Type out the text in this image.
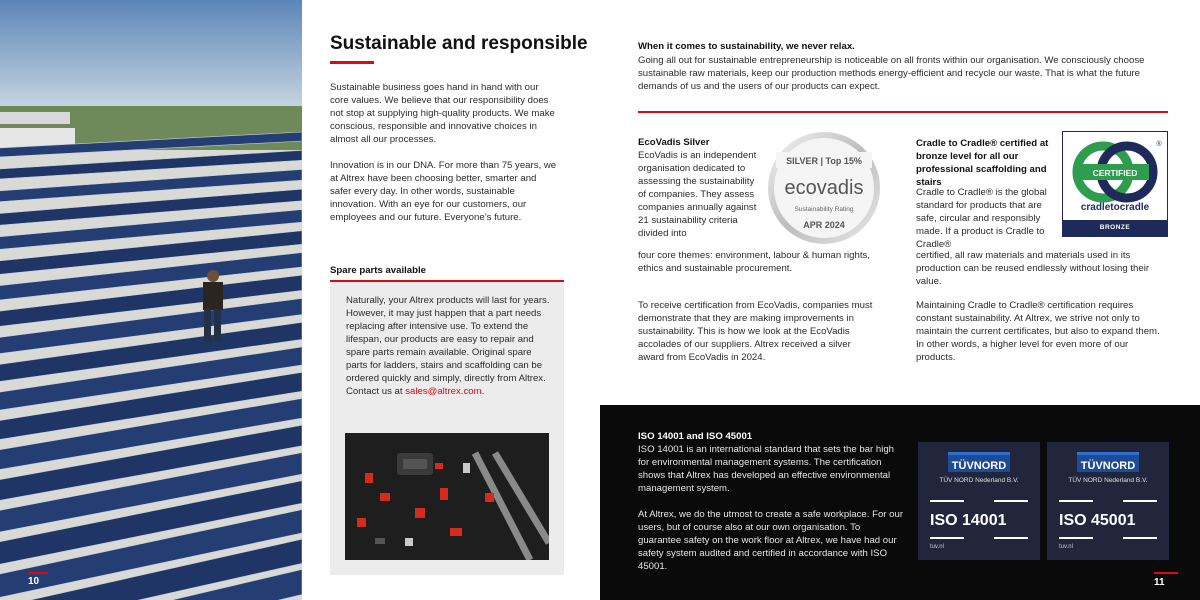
10
Sustainable and responsible

Sustainable business goes hand in hand with our core values. We believe that our responsibility does not stop at supplying high-quality products. We make conscious, responsible and innovative choices in almost all our processes.

Innovation is in our DNA. For more than 75 years, we at Altrex have been choosing better, smarter and safer every day. In other words, sustainable innovation. With an eye for our customers, our employees and our future. Everyone’s future.

Spare parts available

Naturally, your Altrex products will last for years. However, it may just happen that a part needs replacing after intensive use. To extend the lifespan, our products are easy to repair and spare parts remain available. Original spare parts for ladders, stairs and scaffolding can be ordered quickly and simply, directly from Altrex. Contact us at sales@altrex.com.

When it comes to sustainability, we never relax.

Going all out for sustainable entrepreneurship is noticeable on all fronts within our organisation. We consciously choose sustainable raw materials, keep our production methods energy-efficient and recycle our waste. That is what the future demands of us and the users of our products can expect.

EcoVadis Silver

EcoVadis is an independent organisation dedicated to assessing the sustainability of companies. They assess companies annually against 21 sustainability criteria divided into

four core themes: environment, labour & human rights, ethics and sustainable procurement.

To receive certification from EcoVadis, companies must demonstrate that they are making improvements in sustainability. This is how we look at the EcoVadis accolades of our suppliers. Altrex received a silver award from EcoVadis in 2024.

SILVER | Top 15%
ecovadis
Sustainability Rating
APR 2024
Cradle to Cradle® certified at bronze level for all our professional scaffolding and stairs

Cradle to Cradle® is the global standard for products that are safe, circular and responsibly made. If a product is Cradle to Cradle®

certified, all raw materials and materials used in its production can be reused endlessly without losing their value.

Maintaining Cradle to Cradle® certification requires constant sustainability. At Altrex, we strive not only to maintain the current certificates, but also to expand them. In other words, a higher level for even more of our products.

CERTIFIED
®
cradletocradle
BRONZE
ISO 14001 and ISO 45001

ISO 14001 is an international standard that sets the bar high for environmental management systems. The certification shows that Altrex has developed an effective environmental management system.

At Altrex, we do the utmost to create a safe workplace. For our users, but of course also at our own organisation. To guarantee safety on the work floor at Altrex, we have had our safety system audited and certified in accordance with ISO 45001.

TÜVNORD
TÜV NORD Nederland B.V.
ISO 14001
tuv.nl
TÜVNORD
TÜV NORD Nederland B.V.
ISO 45001
tuv.nl
11
